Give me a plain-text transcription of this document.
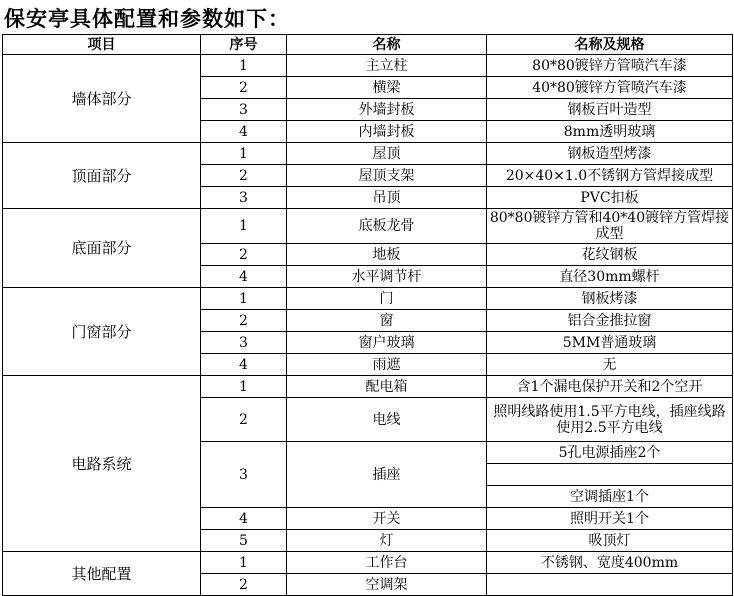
保安亭具体配置和参数如下：
项目	序号	名称	名称及规格
墙体部分	1	主立柱	80*80镀锌方管喷汽车漆

	2	横梁	40*80镀锌方管喷汽车漆

	3	外墙封板	钢板百叶造型

	4	内墙封板	8mm透明玻璃

顶面部分	1	屋顶	钢板造型烤漆

	2	屋顶支架	20×40×1.0不锈钢方管焊接成型

	3	吊顶	PVC扣板

底面部分	1	底板龙骨	80*80镀锌方管和40*40镀锌方管焊接成型

	2	地板	花纹钢板

	4	水平调节杆	直径30mm螺杆

门窗部分	1	门	钢板烤漆

	2	窗	铝合金推拉窗

	3	窗户玻璃	5MM普通玻璃

	4	雨遮	无

电路系统	1	配电箱	含1个漏电保护开关和2个空开

	2	电线	照明线路使用1.5平方电线，插座线路使用2.5平方电线

	3	插座	5孔电源插座2个

			空调插座1个

	4	开关	照明开关1个

	5	灯	吸顶灯

其他配置	1	工作台	不锈钢、宽度400mm

	2	空调架	
